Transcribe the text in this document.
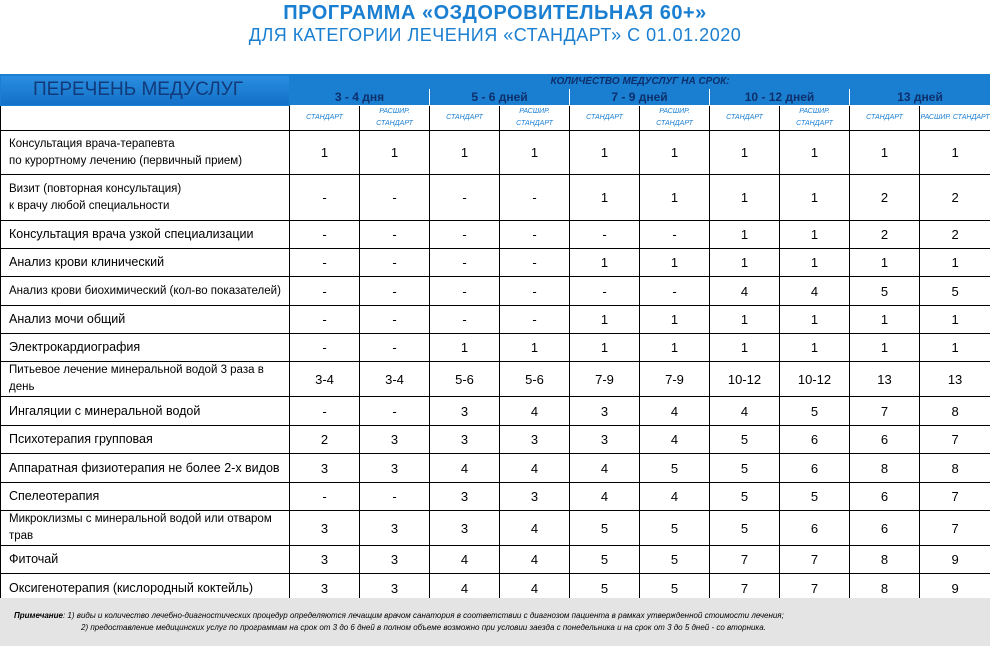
ПРОГРАММА «ОЗДОРОВИТЕЛЬНАЯ 60+»
ДЛЯ КАТЕГОРИИ ЛЕЧЕНИЯ «СТАНДАРТ» С 01.01.2020
ПЕРЕЧЕНЬ МЕДУСЛУГ	КОЛИЧЕСТВО МЕДУСЛУГ НА СРОК:									
	3 - 4 дня		5 - 6 дней		7 - 9 дней		10 - 12 дней		13 дней	
	СТАНДАРТ	РАСШИР. СТАНДАРТ	СТАНДАРТ	РАСШИР. СТАНДАРТ	СТАНДАРТ	РАСШИР. СТАНДАРТ	СТАНДАРТ	РАСШИР. СТАНДАРТ	СТАНДАРТ	РАСШИР. СТАНДАРТ
Консультация врача-терапевта
по курортному лечению (первичный прием)	1	1	1	1	1	1	1	1	1	1
Визит (повторная консультация)
к врачу любой специальности	-	-	-	-	1	1	1	1	2	2
Консультация врача узкой специализации	-	-	-	-	-	-	1	1	2	2
Анализ крови клинический	-	-	-	-	1	1	1	1	1	1
Анализ крови биохимический (кол-во показателей)	-	-	-	-	-	-	4	4	5	5
Анализ мочи общий	-	-	-	-	1	1	1	1	1	1
Электрокардиография	-	-	1	1	1	1	1	1	1	1
Питьевое лечение минеральной водой 3 раза в день	3-4	3-4	5-6	5-6	7-9	7-9	10-12	10-12	13	13
Ингаляции с минеральной водой	-	-	3	4	3	4	4	5	7	8
Психотерапия групповая	2	3	3	3	3	4	5	6	6	7
Аппаратная физиотерапия не более 2-х видов	3	3	4	4	4	5	5	6	8	8
Спелеотерапия	-	-	3	3	4	4	5	5	6	7
Микроклизмы с минеральной водой или отваром трав	3	3	3	4	5	5	5	6	6	7
Фиточай	3	3	4	4	5	5	7	7	8	9
Оксигенотерапия (кислородный коктейль)	3	3	4	4	5	5	7	7	8	9
Примечание: 1) виды и количество лечебно-диагностических процедур определяются лечащим врачом санатория в соответствии с диагнозом пациента в рамках утвержденной стоимости лечения;
2) предоставление медицинских услуг по программам на срок от 3 до 6 дней в полном объеме возможно при условии заезда с понедельника и на срок от 3 до 5 дней - со вторника.
